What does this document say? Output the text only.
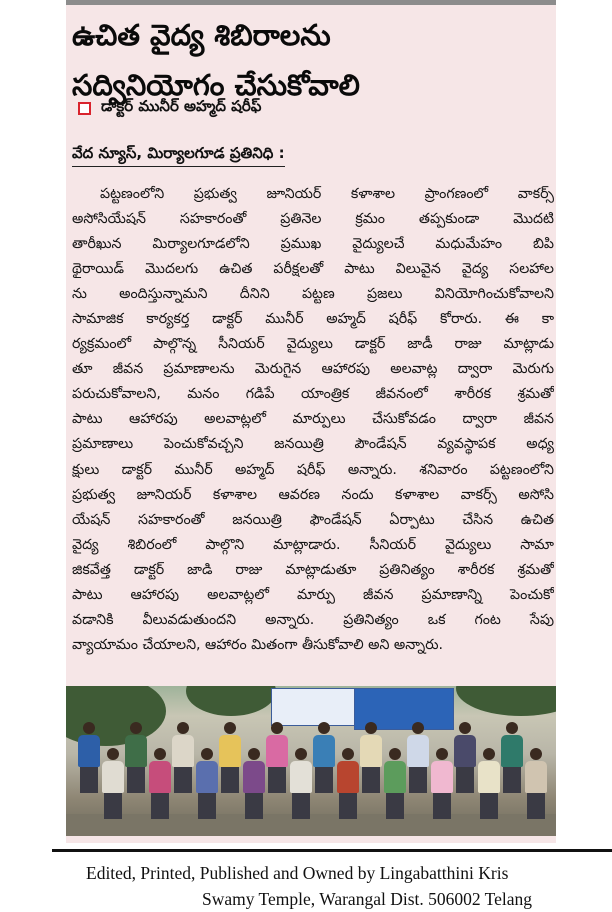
ఉచిత వైద్య శిబిరాలను
సద్వినియోగం చేసుకోవాలి
డాక్టర్ మునీర్ అహ్మద్ షరీఫ్
వేద న్యూస్, మిర్యాలగూడ ప్రతినిధి :
పట్టణంలోని ప్రభుత్వ జూనియర్ కళాశాల ప్రాంగణంలో వాకర్స్
అసోసియేషన్ సహకారంతో ప్రతినెల క్రమం తప్పకుండా మొదటి
తారీఖున మిర్యాలగూడలోని ప్రముఖ వైద్యులచే మధుమేహం బిపి
థైరాయిడ్ మొదలగు ఉచిత పరీక్షలతో పాటు విలువైన వైద్య సలహాల
ను అందిస్తున్నామని దీనిని పట్టణ ప్రజలు వినియోగించుకోవాలని
సామాజిక కార్యకర్త డాక్టర్ మునీర్ అహ్మద్ షరీఫ్ కోరారు. ఈ కా
ర్యక్రమంలో పాల్గొన్న సీనియర్ వైద్యులు డాక్టర్ జాడీ రాజు మాట్లాడు
తూ జీవన ప్రమాణాలను మెరుగైన ఆహారపు అలవాట్ల ద్వారా మెరుగు
పరుచుకోవాలని, మనం గడిపే యాంత్రిక జీవనంలో శారీరక శ్రమతో
పాటు ఆహారపు అలవాట్లలో మార్పులు చేసుకోవడం ద్వారా జీవన
ప్రమాణాలు పెంచుకోవచ్చని జనయిత్రి పౌండేషన్ వ్యవస్థాపక అధ్య
క్షులు డాక్టర్ మునీర్ అహ్మద్ షరీఫ్ అన్నారు. శనివారం పట్టణంలోని
ప్రభుత్వ జూనియర్ కళాశాల ఆవరణ నందు కళాశాల వాకర్స్ అసోసి
యేషన్ సహకారంతో జనయిత్రి ఫౌండేషన్ ఏర్పాటు చేసిన ఉచిత
వైద్య శిబిరంలో పాల్గొని మాట్లాడారు. సీనియర్ వైద్యులు సామా
జికవేత్త డాక్టర్ జాడి రాజు మాట్లాడుతూ ప్రతినిత్యం శారీరక శ్రమతో
పాటు ఆహారపు అలవాట్లలో మార్పు జీవన ప్రమాణాన్ని పెంచుకో
వడానికి వీలువడుతుందని అన్నారు. ప్రతినిత్యం ఒక గంట సేపు
వ్యాయామం చేయాలని, ఆహారం మితంగా తీసుకోవాలి అని అన్నారు.
Edited, Printed, Published and Owned by Lingabatthini Kris
Swamy Temple, Warangal Dist. 506002 Telang
